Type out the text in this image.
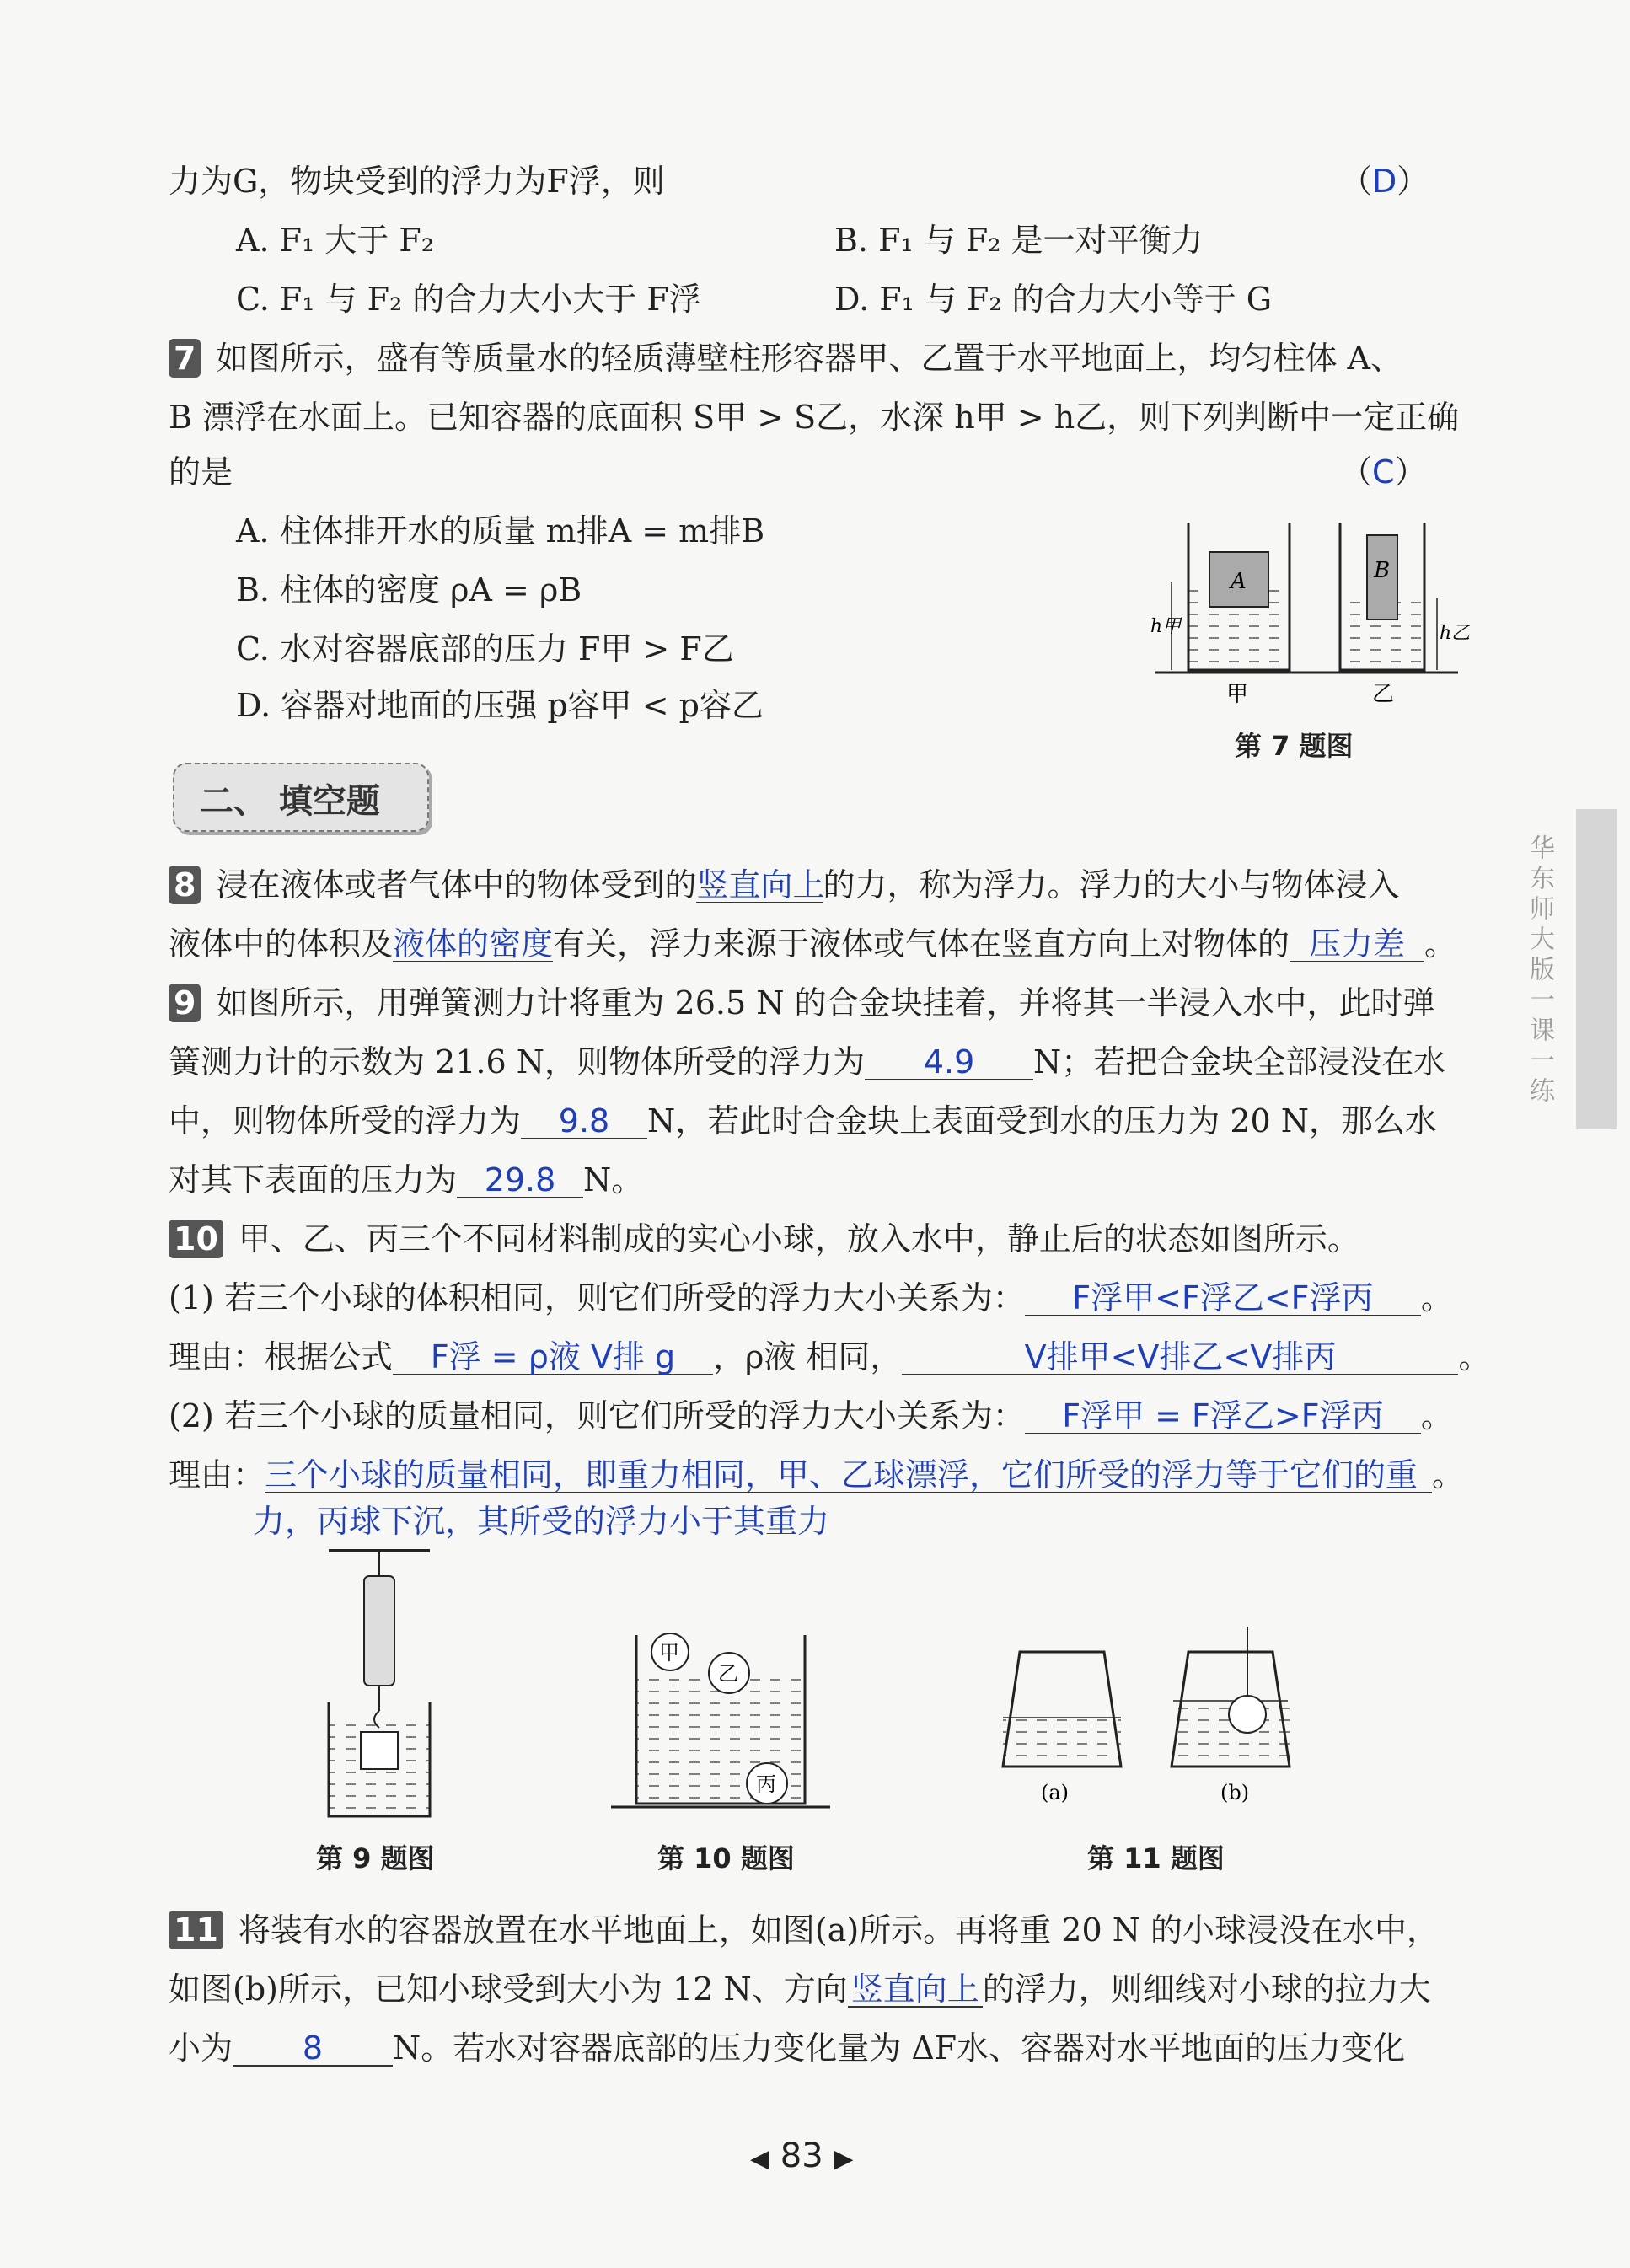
力为G，物块受到的浮力为F浮，则	（D）
A. F₁ 大于 F₂	B. F₁ 与 F₂ 是一对平衡力
C. F₁ 与 F₂ 的合力大小大于 F浮	D. F₁ 与 F₂ 的合力大小等于 G
7 如图所示，盛有等质量水的轻质薄壁柱形容器甲、乙置于水平地面上，均匀柱体 A、
B 漂浮在水面上。已知容器的底面积 S甲 > S乙，水深 h甲 > h乙，则下列判断中一定正确
的是	（C）
A. 柱体排开水的质量 m排A = m排B
B. 柱体的密度 ρA = ρB
C. 水对容器底部的压力 F甲 > F乙
D. 容器对地面的压强 p容甲 < p容乙
A
h甲
B
h乙
甲	乙
第 7 题图
二、 填空题
华东师大版一课一练
8 浸在液体或者气体中的物体受到的竖直向上的力，称为浮力。浮力的大小与物体浸入
液体中的体积及液体的密度有关，浮力来源于液体或气体在竖直方向上对物体的 压力差 。
9 如图所示，用弹簧测力计将重为 26.5 N 的合金块挂着，并将其一半浸入水中，此时弹
簧测力计的示数为 21.6 N，则物体所受的浮力为 4.9 N；若把合金块全部浸没在水
中，则物体所受的浮力为 9.8 N，若此时合金块上表面受到水的压力为 20 N，那么水
对其下表面的压力为 29.8 N。
10 甲、乙、丙三个不同材料制成的实心小球，放入水中，静止后的状态如图所示。
(1) 若三个小球的体积相同，则它们所受的浮力大小关系为： F浮甲<F浮乙<F浮丙 。
理由：根据公式 F浮 = ρ液 V排 g ，ρ液 相同，	V排甲<V排乙<V排丙	。
(2) 若三个小球的质量相同，则它们所受的浮力大小关系为： F浮甲 = F浮乙>F浮丙 。
理由：三个小球的质量相同，即重力相同，甲、乙球漂浮，它们所受的浮力等于它们的重 。
力，丙球下沉，其所受的浮力小于其重力
第 9 题图
甲
乙
丙
第 10 题图
(a)	(b)
第 11 题图
11 将装有水的容器放置在水平地面上，如图(a)所示。再将重 20 N 的小球浸没在水中，
如图(b)所示，已知小球受到大小为 12 N、方向 竖直向上 的浮力，则细线对小球的拉力大
小为 8 N。若水对容器底部的压力变化量为 ΔF水、容器对水平地面的压力变化
◀ 83 ▶
